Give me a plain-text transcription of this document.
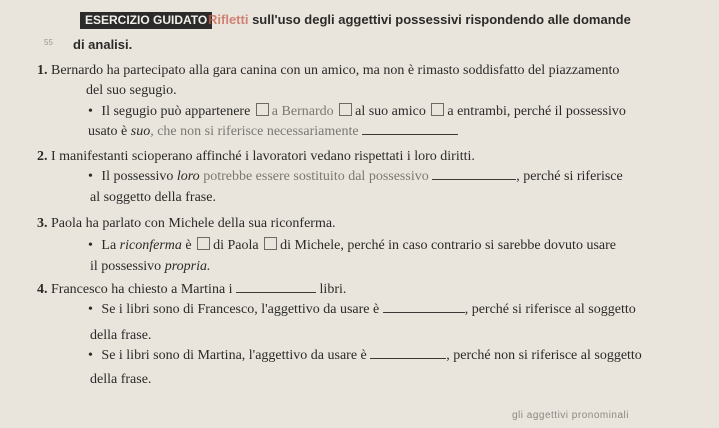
55
ESERCIZIO GUIDATO Rifletti sull'uso degli aggettivi possessivi rispondendo alle domande
di analisi.
1. Bernardo ha partecipato alla gara canina con un amico, ma non è rimasto soddisfatto del piazzamento
del suo segugio.
• Il segugio può appartenere a Bernardo al suo amico a entrambi, perché il possessivo
usato è suo, che non si riferisce necessariamente
2. I manifestanti scioperano affinché i lavoratori vedano rispettati i loro diritti.
• Il possessivo loro potrebbe essere sostituito dal possessivo	, perché si riferisce
al soggetto della frase.
3. Paola ha parlato con Michele della sua riconferma.
• La riconferma è di Paola di Michele, perché in caso contrario si sarebbe dovuto usare
il possessivo propria.
4. Francesco ha chiesto a Martina i	libri.
• Se i libri sono di Francesco, l'aggettivo da usare è	, perché si riferisce al soggetto
della frase.
• Se i libri sono di Martina, l'aggettivo da usare è	, perché non si riferisce al soggetto
della frase.
gli aggettivi pronominali
